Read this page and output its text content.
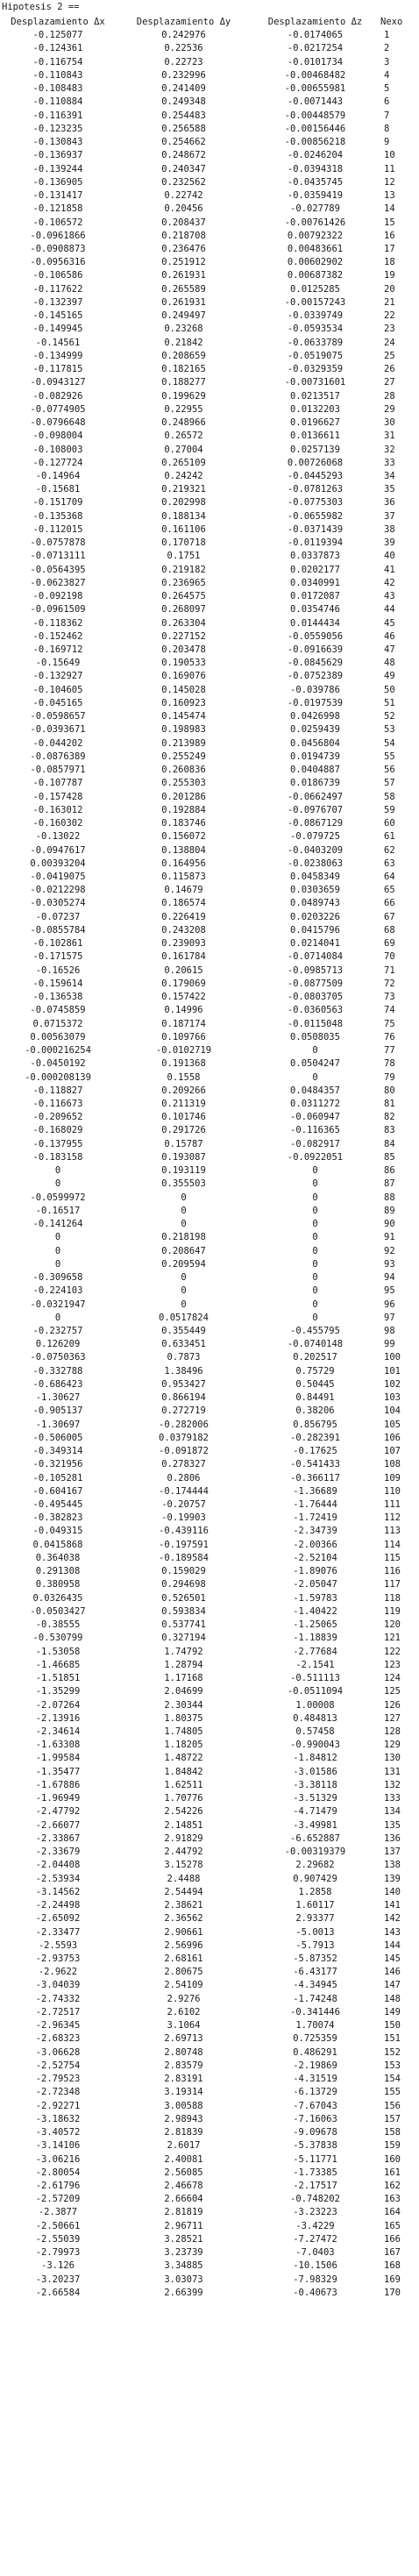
Hipotesis 2 ==
Desplazamiento Δx	Desplazamiento Δy	Desplazamiento Δz	Nexo
-0.125077	0.242976	-0.0174065	1
-0.124361	0.22536	-0.0217254	2
-0.116754	0.22723	-0.0101734	3
-0.110843	0.232996	-0.00468482	4
-0.108483	0.241409	-0.00655981	5
-0.110884	0.249348	-0.0071443	6
-0.116391	0.254483	-0.00448579	7
-0.123235	0.256588	-0.00156446	8
-0.130843	0.254662	-0.00856218	9
-0.136937	0.248672	-0.0246204	10
-0.139244	0.240347	-0.0394318	11
-0.136905	0.232562	-0.0435745	12
-0.131417	0.22742	-0.0359419	13
-0.121858	0.20456	-0.027789	14
-0.106572	0.208437	-0.00761426	15
-0.0961866	0.218708	0.00792322	16
-0.0908873	0.236476	0.00483661	17
-0.0956316	0.251912	0.00602902	18
-0.106586	0.261931	0.00687382	19
-0.117622	0.265589	0.0125285	20
-0.132397	0.261931	-0.00157243	21
-0.145165	0.249497	-0.0339749	22
-0.149945	0.23268	-0.0593534	23
-0.14561	0.21842	-0.0633789	24
-0.134999	0.208659	-0.0519075	25
-0.117815	0.182165	-0.0329359	26
-0.0943127	0.188277	-0.00731601	27
-0.082926	0.199629	0.0213517	28
-0.0774905	0.22955	0.0132203	29
-0.0796648	0.248966	0.0196627	30
-0.098004	0.26572	0.0136611	31
-0.108003	0.27004	0.0257139	32
-0.127724	0.265109	0.00726068	33
-0.14964	0.24242	-0.0445293	34
-0.15681	0.219321	-0.0781263	35
-0.151709	0.202998	-0.0775303	36
-0.135368	0.188134	-0.0655982	37
-0.112015	0.161106	-0.0371439	38
-0.0757878	0.170718	-0.0119394	39
-0.0713111	0.1751	0.0337873	40
-0.0564395	0.219182	0.0202177	41
-0.0623827	0.236965	0.0340991	42
-0.092198	0.264575	0.0172087	43
-0.0961509	0.268097	0.0354746	44
-0.118362	0.263304	0.0144434	45
-0.152462	0.227152	-0.0559056	46
-0.169712	0.203478	-0.0916639	47
-0.15649	0.190533	-0.0845629	48
-0.132927	0.169076	-0.0752389	49
-0.104605	0.145028	-0.039786	50
-0.045165	0.160923	-0.0197539	51
-0.0598657	0.145474	0.0426998	52
-0.0393671	0.198983	0.0259439	53
-0.044202	0.213989	0.0456804	54
-0.0876389	0.255249	0.0194739	55
-0.0857971	0.260836	0.0404887	56
-0.107787	0.255303	0.0186739	57
-0.157428	0.201286	-0.0662497	58
-0.163012	0.192884	-0.0976707	59
-0.160302	0.183746	-0.0867129	60
-0.13022	0.156072	-0.079725	61
-0.0947617	0.138804	-0.0403209	62
0.00393204	0.164956	-0.0238063	63
-0.0419075	0.115873	0.0458349	64
-0.0212298	0.14679	0.0303659	65
-0.0305274	0.186574	0.0489743	66
-0.07237	0.226419	0.0203226	67
-0.0855784	0.243208	0.0415796	68
-0.102861	0.239093	0.0214041	69
-0.171575	0.161784	-0.0714084	70
-0.16526	0.20615	-0.0985713	71
-0.159614	0.179069	-0.0877509	72
-0.136538	0.157422	-0.0803705	73
-0.0745859	0.14996	-0.0360563	74
0.0715372	0.187174	-0.0115048	75
0.00563079	0.109766	0.0508035	76
-0.000216254	-0.0102719	0	77
-0.0450192	0.191368	0.0504247	78
-0.000208139	0.1558	0	79
-0.118827	0.209266	0.0484357	80
-0.116673	0.211319	0.0311272	81
-0.209652	0.101746	-0.060947	82
-0.168029	0.291726	-0.116365	83
-0.137955	0.15787	-0.082917	84
-0.183158	0.193087	-0.0922051	85
0	0.193119	0	86
0	0.355503	0	87
-0.0599972	0	0	88
-0.16517	0	0	89
-0.141264	0	0	90
0	0.218198	0	91
0	0.208647	0	92
0	0.209594	0	93
-0.309658	0	0	94
-0.224103	0	0	95
-0.0321947	0	0	96
0	0.0517824	0	97
-0.232757	0.355449	-0.455795	98
0.126209	0.633451	-0.0740148	99
-0.0750363	0.7873	0.202517	100
-0.332788	1.38496	0.75729	101
-0.686423	0.953427	0.50445	102
-1.30627	0.866194	0.84491	103
-0.905137	0.272719	0.38206	104
-1.30697	-0.282006	0.856795	105
-0.506005	0.0379182	-0.282391	106
-0.349314	-0.091872	-0.17625	107
-0.321956	0.278327	-0.541433	108
-0.105281	0.2806	-0.366117	109
-0.604167	-0.174444	-1.36689	110
-0.495445	-0.20757	-1.76444	111
-0.382823	-0.19903	-1.72419	112
-0.049315	-0.439116	-2.34739	113
0.0415868	-0.197591	-2.00366	114
0.364038	-0.189584	-2.52104	115
0.291308	0.159029	-1.89076	116
0.380958	0.294698	-2.05047	117
0.0326435	0.526501	-1.59783	118
-0.0503427	0.593834	-1.40422	119
-0.38555	0.537741	-1.25065	120
-0.530799	0.327194	-1.18839	121
-1.53058	1.74792	-2.77684	122
-1.46685	1.28794	-2.1541	123
-1.51851	1.17168	-0.511113	124
-1.35299	2.04699	-0.0511094	125
-2.07264	2.30344	1.00008	126
-2.13916	1.80375	0.484813	127
-2.34614	1.74805	0.57458	128
-1.63308	1.18205	-0.990043	129
-1.99584	1.48722	-1.84812	130
-1.35477	1.84842	-3.01586	131
-1.67886	1.62511	-3.38118	132
-1.96949	1.70776	-3.51329	133
-2.47792	2.54226	-4.71479	134
-2.66077	2.14851	-3.49981	135
-2.33867	2.91829	-6.652887	136
-2.33679	2.44792	-0.00319379	137
-2.04408	3.15278	2.29682	138
-2.53934	2.4488	0.907429	139
-3.14562	2.54494	1.2858	140
-2.24498	2.38621	1.60117	141
-2.65092	2.36562	2.93377	142
-2.33477	2.90661	-5.0013	143
-2.5593	2.56996	-5.7913	144
-2.93753	2.68161	-5.87352	145
-2.9622	2.80675	-6.43177	146
-3.04039	2.54109	-4.34945	147
-2.74332	2.9276	-1.74248	148
-2.72517	2.6102	-0.341446	149
-2.96345	3.1064	1.70074	150
-2.68323	2.69713	0.725359	151
-3.06628	2.80748	0.486291	152
-2.52754	2.83579	-2.19869	153
-2.79523	2.83191	-4.31519	154
-2.72348	3.19314	-6.13729	155
-2.92271	3.00588	-7.67043	156
-3.18632	2.98943	-7.16063	157
-3.40572	2.81839	-9.09678	158
-3.14106	2.6017	-5.37838	159
-3.06216	2.40081	-5.11771	160
-2.80054	2.56085	-1.73385	161
-2.61796	2.46678	-2.17517	162
-2.57209	2.66604	-0.748202	163
-2.3877	2.81819	-3.23223	164
-2.50661	2.96711	-3.4229	165
-2.55039	3.28521	-7.27472	166
-2.79973	3.23739	-7.0403	167
-3.126	3.34885	-10.1506	168
-3.20237	3.03073	-7.98329	169
-2.66584	2.66399	-0.40673	170
